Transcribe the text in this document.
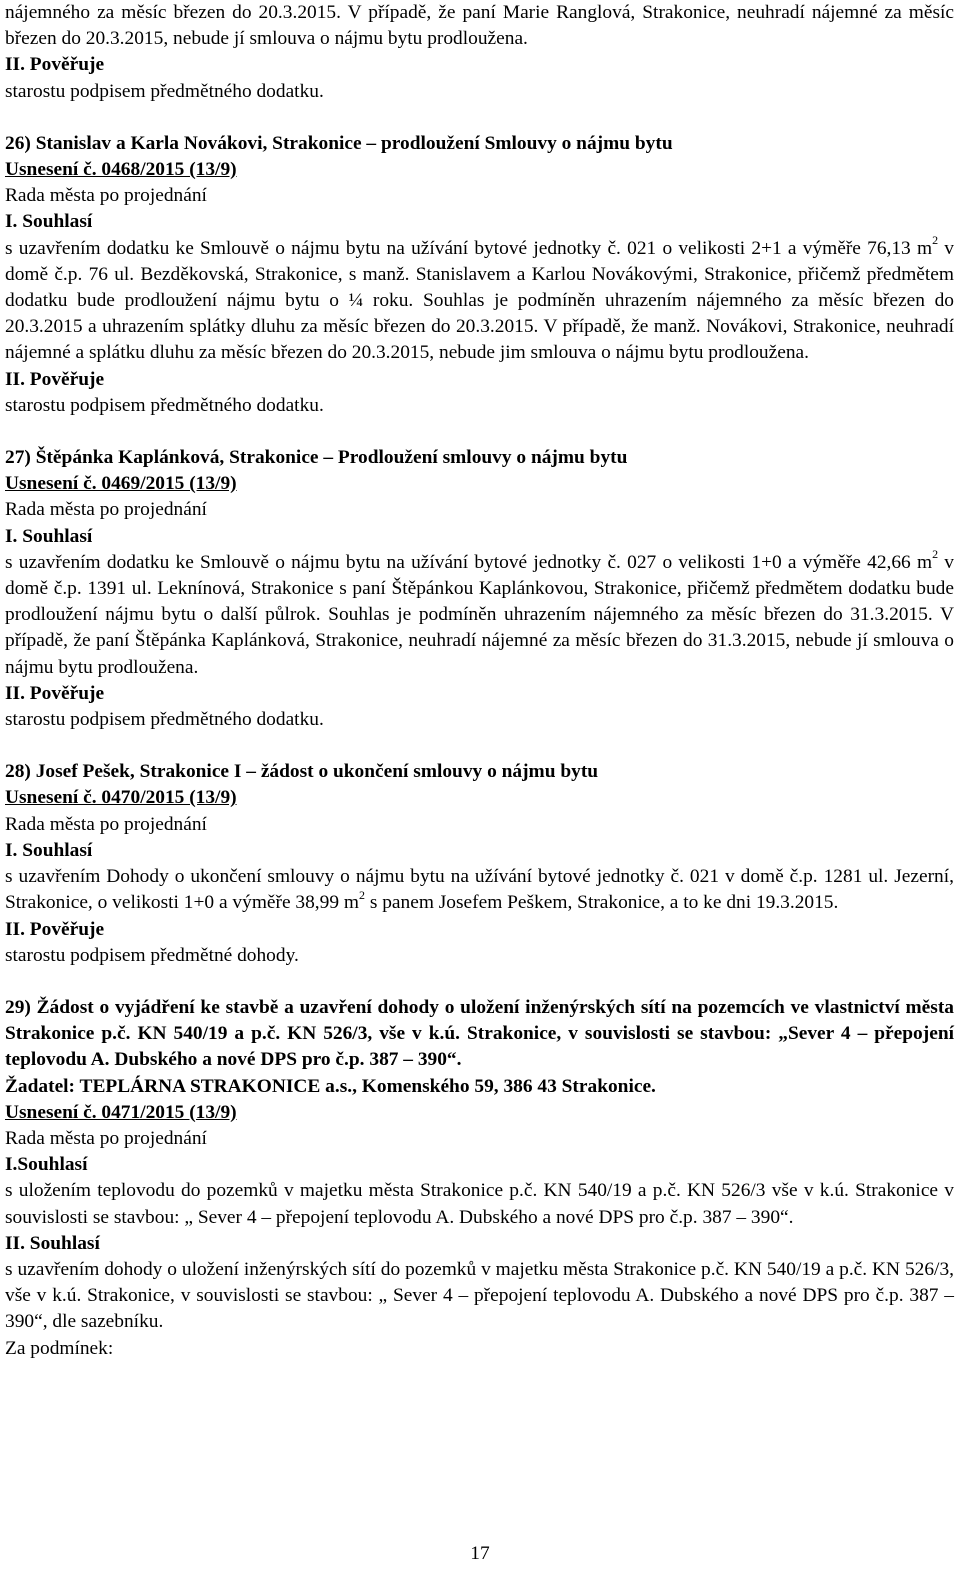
nájemného za měsíc březen do 20.3.2015. V případě, že paní Marie Ranglová, Strakonice, neuhradí nájemné za měsíc březen do 20.3.2015, nebude jí smlouva o nájmu bytu prodloužena.

II. Pověřuje

starostu podpisem předmětného dodatku.

26) Stanislav a Karla Novákovi, Strakonice – prodloužení Smlouvy o nájmu bytu

Usnesení č. 0468/2015 (13/9)

Rada města po projednání

I. Souhlasí

s uzavřením dodatku ke Smlouvě o nájmu bytu na užívání bytové jednotky č. 021 o velikosti 2+1 a výměře 76,13 $m^2$ v domě č.p. 76 ul. Bezděkovská, Strakonice, s manž. Stanislavem a Karlou Novákovými, Strakonice, přičemž předmětem dodatku bude prodloužení nájmu bytu o ¼ roku. Souhlas je podmíněn uhrazením nájemného za měsíc březen do 20.3.2015 a uhrazením splátky dluhu za měsíc březen do 20.3.2015. V případě, že manž. Novákovi, Strakonice, neuhradí nájemné a splátku dluhu za měsíc březen do 20.3.2015, nebude jim smlouva o nájmu bytu prodloužena.

II. Pověřuje

starostu podpisem předmětného dodatku.

27) Štěpánka Kaplánková, Strakonice – Prodloužení smlouvy o nájmu bytu

Usnesení č. 0469/2015 (13/9)

Rada města po projednání

I. Souhlasí

s uzavřením dodatku ke Smlouvě o nájmu bytu na užívání bytové jednotky č. 027 o velikosti 1+0 a výměře 42,66 $m^2$ v domě č.p. 1391 ul. Leknínová, Strakonice s paní Štěpánkou Kaplánkovou, Strakonice, přičemž předmětem dodatku bude prodloužení nájmu bytu o další půlrok. Souhlas je podmíněn uhrazením nájemného za měsíc březen do 31.3.2015. V případě, že paní Štěpánka Kaplánková, Strakonice, neuhradí nájemné za měsíc březen do 31.3.2015, nebude jí smlouva o nájmu bytu prodloužena.

II. Pověřuje

starostu podpisem předmětného dodatku.

28) Josef Pešek, Strakonice I – žádost o ukončení smlouvy o nájmu bytu

Usnesení č. 0470/2015 (13/9)

Rada města po projednání

I. Souhlasí

s uzavřením Dohody o ukončení smlouvy o nájmu bytu na užívání bytové jednotky č. 021 v domě č.p. 1281 ul. Jezerní, Strakonice, o velikosti 1+0 a výměře 38,99 $m^2$ s panem Josefem Peškem, Strakonice, a to ke dni 19.3.2015.

II. Pověřuje

starostu podpisem předmětné dohody.

29) Žádost o vyjádření ke stavbě a uzavření dohody o uložení inženýrských sítí na pozemcích ve vlastnictví města Strakonice p.č. KN 540/19 a p.č. KN 526/3, vše v k.ú. Strakonice, v souvislosti se stavbou: „Sever 4 – přepojení teplovodu A. Dubského a nové DPS pro č.p. 387 – 390“.

Žadatel: TEPLÁRNA STRAKONICE a.s., Komenského 59, 386 43 Strakonice.

Usnesení č. 0471/2015 (13/9)

Rada města po projednání

I.Souhlasí

s uložením teplovodu do pozemků v majetku města Strakonice p.č. KN 540/19 a p.č. KN 526/3 vše v k.ú. Strakonice v souvislosti se stavbou: „ Sever 4 – přepojení teplovodu A. Dubského a nové DPS pro č.p. 387 – 390“.

II. Souhlasí

s uzavřením dohody o uložení inženýrských sítí do pozemků v majetku města Strakonice p.č. KN 540/19 a p.č. KN 526/3, vše v k.ú. Strakonice, v souvislosti se stavbou: „ Sever 4 – přepojení teplovodu A. Dubského a nové DPS pro č.p. 387 – 390“, dle sazebníku.

Za podmínek:

17
